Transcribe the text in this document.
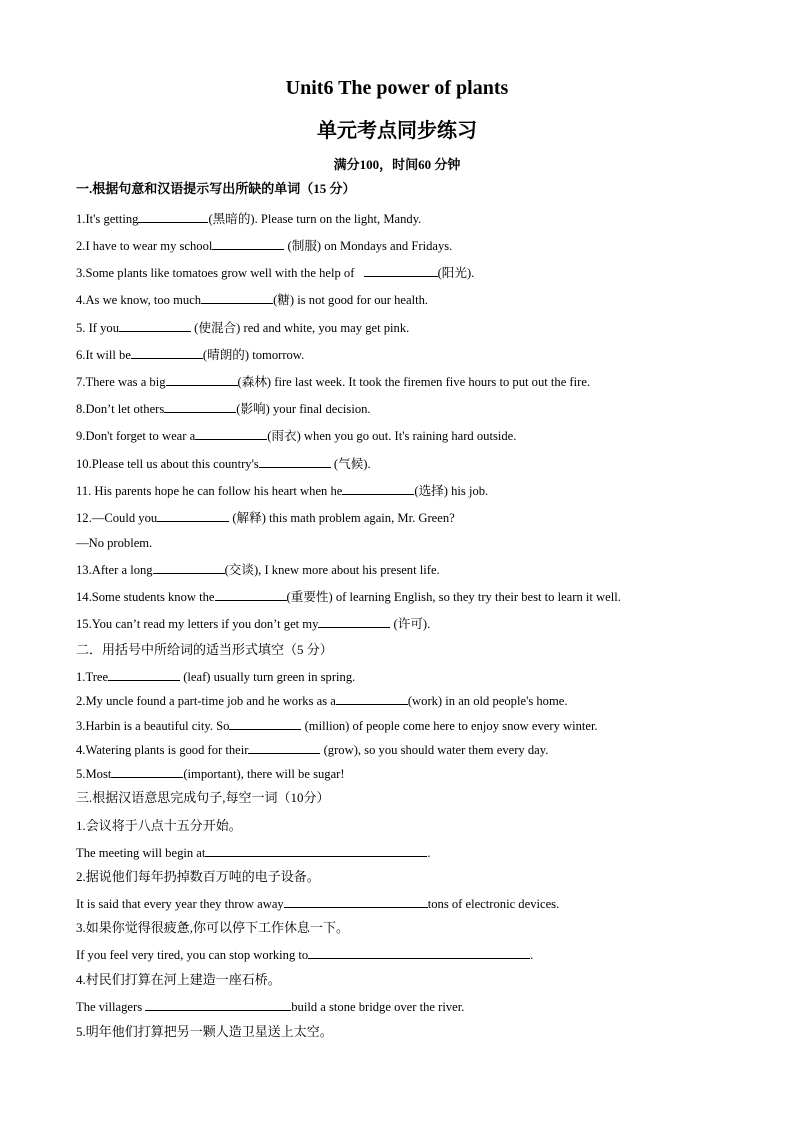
Unit6 The power of plants
单元考点同步练习
满分100，时间60 分钟
一.根据句意和汉语提示写出所缺的单词（15 分）
1.It's getting	(黑暗的). Please turn on the light, Mandy.
2.I have to wear my school	(制服) on Mondays and Fridays.
3.Some plants like tomatoes grow well with the help of	(阳光).
4.As we know, too much	(糖) is not good for our health.
5. If you	(使混合) red and white, you may get pink.
6.It will be	(晴朗的) tomorrow.
7.There was a big	(森林) fire last week. It took the firemen five hours to put out the fire.
8.Don’t let others	(影响) your final decision.
9.Don't forget to wear a	(雨衣) when you go out. It's raining hard outside.
10.Please tell us about this country's	(气候).
11. His parents hope he can follow his heart when he	(选择) his job.
12.—Could you	(解释) this math problem again, Mr. Green?
—No problem.
13.After a long	(交谈), I knew more about his present life.
14.Some students know the	(重要性) of learning English, so they try their best to learn it well.
15.You can’t read my letters if you don’t get my	(许可).
二．用括号中所给词的适当形式填空（5 分）
1.Tree	(leaf) usually turn green in spring.
2.My uncle found a part-time job and he works as a	(work) in an old people's home.
3.Harbin is a beautiful city. So	(million) of people come here to enjoy snow every winter.
4.Watering plants is good for their	(grow), so you should water them every day.
5.Most	(important), there will be sugar!
三.根据汉语意思完成句子,每空一词（10分）
1.会议将于八点十五分开始。
The meeting will begin at	.
2.据说他们每年扔掉数百万吨的电子设备。
It is said that every year they throw away	tons of electronic devices.
3.如果你觉得很疲惫,你可以停下工作休息一下。
If you feel very tired, you can stop working to	.
4.村民们打算在河上建造一座石桥。
The villagers	build a stone bridge over the river.
5.明年他们打算把另一颗人造卫星送上太空。
